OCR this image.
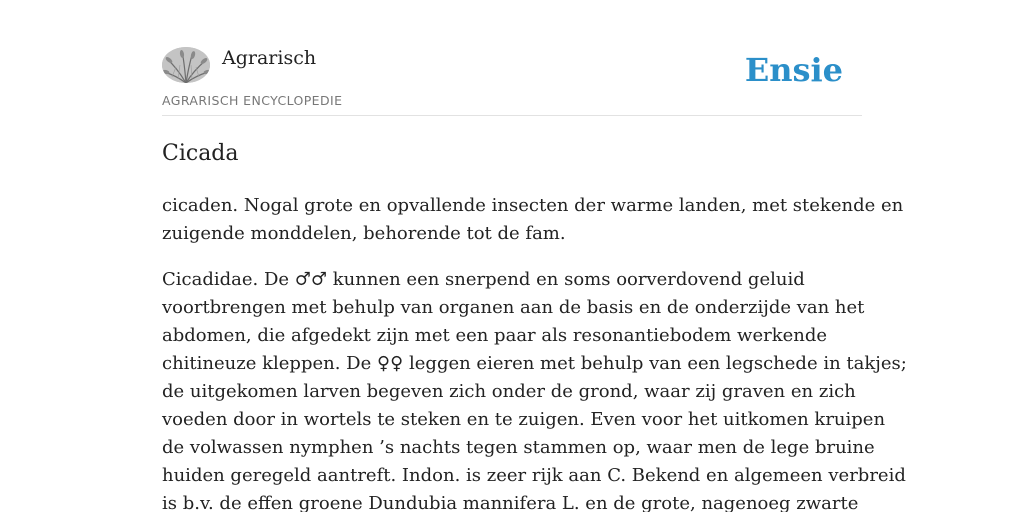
Agrarisch
AGRARISCH ENCYCLOPEDIE
Ensie
Cicada

cicaden. Nogal grote en opvallende insecten der warme landen, met stekende en
zuigende monddelen, behorende tot de fam.

Cicadidae. De ♂♂ kunnen een snerpend en soms oorverdovend geluid
voortbrengen met behulp van organen aan de basis en de onderzijde van het
abdomen, die afgedekt zijn met een paar als resonantiebodem werkende
chitineuze kleppen. De ♀♀ leggen eieren met behulp van een legschede in takjes;
de uitgekomen larven begeven zich onder de grond, waar zij graven en zich
voeden door in wortels te steken en te zuigen. Even voor het uitkomen kruipen
de volwassen nymphen ’s nachts tegen stammen op, waar men de lege bruine
huiden geregeld aantreft. Indon. is zeer rijk aan C. Bekend en algemeen verbreid
is b.v. de effen groene Dundubia mannifera L. en de grote, nagenoeg zwarte
